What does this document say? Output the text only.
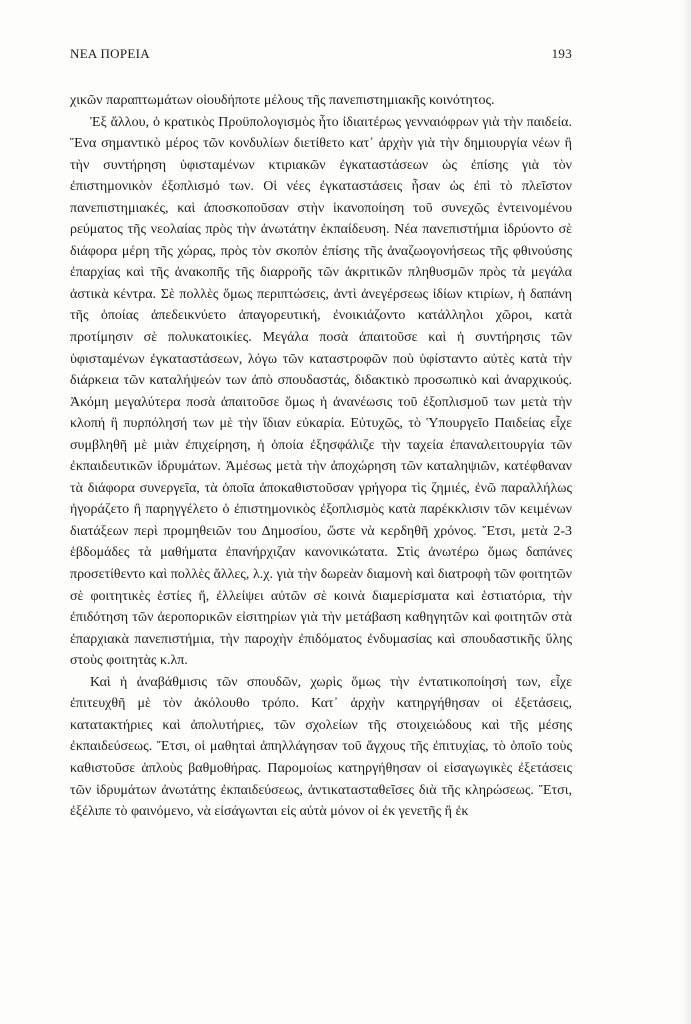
ΝΕΑ ΠΟΡΕΙΑ	193

χικῶν παραπτωμάτων οἱουδήποτε μέλους τῆς πανεπιστημιακῆς κοινότητος.

Ἐξ ἄλλου, ὁ κρατικὸς Προϋπολογισμὸς ἦτο ἰδιαιτέρως γενναιόφρων γιὰ τὴν παιδεία. Ἕνα σημαντικὸ μέρος τῶν κονδυλίων διετίθετο κατ᾽ ἀρχὴν γιὰ τὴν δημιουργία νέων ἢ τὴν συντήρηση ὑφισταμένων κτιριακῶν ἐγκαταστάσεων ὡς ἐπίσης γιὰ τὸν ἐπιστημονικὸν ἐξοπλισμό των. Οἱ νέες ἐγκαταστάσεις ἦσαν ὡς ἐπὶ τὸ πλεῖστον πανεπιστημιακές, καὶ ἀποσκοποῦσαν στὴν ἱκανοποίηση τοῦ συνεχῶς ἐντεινομένου ρεύματος τῆς νεολαίας πρὸς τὴν ἀνωτάτην ἐκπαίδευση. Νέα πανεπιστήμια ἱδρύοντο σὲ διάφορα μέρη τῆς χώρας, πρὸς τὸν σκοπὸν ἐπίσης τῆς ἀναζωογονήσεως τῆς φθινούσης ἐπαρχίας καὶ τῆς ἀνακοπῆς τῆς διαρροῆς τῶν ἀκριτικῶν πληθυσμῶν πρὸς τὰ μεγάλα ἀστικὰ κέντρα. Σὲ πολλὲς ὅμως περιπτώσεις, ἀντὶ ἀνεγέρσεως ἰδίων κτιρίων, ἡ δαπάνη τῆς ὁποίας ἀπεδεικνύετο ἀπαγορευτική, ἐνοικιάζοντο κατάλληλοι χῶροι, κατὰ προτίμησιν σὲ πολυκατοικίες. Μεγάλα ποσὰ ἀπαιτοῦσε καὶ ἡ συντήρησις τῶν ὑφισταμένων ἐγκαταστάσεων, λόγω τῶν καταστροφῶν ποὺ ὑφίσταντο αὐτὲς κατὰ τὴν διάρκεια τῶν καταλήψεών των ἀπὸ σπουδαστάς, διδακτικὸ προσωπικὸ καὶ ἀναρχικούς. Ἀκόμη μεγαλύτερα ποσὰ ἀπαιτοῦσε ὅμως ἡ ἀνανέωσις τοῦ ἐξοπλισμοῦ των μετὰ τὴν κλοπή ἢ πυρπόλησή των μὲ τὴν ἴδιαν εὐκαρία. Εὐτυχῶς, τὸ Ὑπουργεῖο Παιδείας εἶχε συμβληθῆ μὲ μιὰν ἐπιχείρηση, ἡ ὁποία ἐξησφάλιζε τὴν ταχεία ἐπαναλειτουργία τῶν ἐκπαιδευτικῶν ἱδρυμάτων. Ἀμέσως μετὰ τὴν ἀποχώρηση τῶν καταληψιῶν, κατέφθαναν τὰ διάφορα συνεργεῖα, τὰ ὁποῖα ἀποκαθιστοῦσαν γρήγορα τὶς ζημιές, ἐνῶ παραλλήλως ἠγοράζετο ἢ παρηγγέλετο ὁ ἐπιστημονικὸς ἐξοπλισμὸς κατὰ παρέκκλισιν τῶν κειμένων διατάξεων περὶ προμηθειῶν του Δημοσίου, ὥστε νὰ κερδηθῆ χρόνος. Ἔτσι, μετὰ 2-3 ἑβδομάδες τὰ μαθήματα ἐπανήρχιζαν κανονικώτατα. Στὶς ἀνωτέρω ὅμως δαπάνες προσετίθεντο καὶ πολλὲς ἄλλες, λ.χ. γιὰ τὴν δωρεὰν διαμονὴ καὶ διατροφὴ τῶν φοιτητῶν σὲ φοιτητικὲς ἑστίες ἤ, ἐλλείψει αὐτῶν σὲ κοινὰ διαμερίσματα καὶ ἑστιατόρια, τὴν ἐπιδότηση τῶν ἀεροπορικῶν εἰσιτηρίων γιὰ τὴν μετάβαση καθηγητῶν καὶ φοιτητῶν στὰ ἐπαρχιακὰ πανεπιστήμια, τὴν παροχὴν ἐπιδόματος ἐνδυμασίας καὶ σπουδαστικῆς ὕλης στοὺς φοιτητὰς κ.λπ.

Καὶ ἡ ἀναβάθμισις τῶν σπουδῶν, χωρὶς ὅμως τὴν ἐντατικοποίησή των, εἶχε ἐπιτευχθῆ μὲ τὸν ἀκόλουθο τρόπο. Κατ᾽ ἀρχὴν κατηργήθησαν οἱ ἐξετάσεις, κατατακτήριες καὶ ἀπολυτήριες, τῶν σχολείων τῆς στοιχειώδους καὶ τῆς μέσης ἐκπαιδεύσεως. Ἔτσι, οἱ μαθηταὶ ἀπηλλάγησαν τοῦ ἄγχους τῆς ἐπιτυχίας, τὸ ὁποῖο τοὺς καθιστοῦσε ἁπλοὺς βαθμοθήρας. Παρομοίως κατηργήθησαν οἱ εἰσαγωγικὲς ἐξετάσεις τῶν ἱδρυμάτων ἀνωτάτης ἐκπαιδεύσεως, ἀντικατασταθεῖσες διὰ τῆς κληρώσεως. Ἔτσι, ἐξέλιπε τὸ φαινόμενο, νὰ εἰσάγωνται εἰς αὐτὰ μόνον οἱ ἐκ γενετῆς ἢ ἐκ
